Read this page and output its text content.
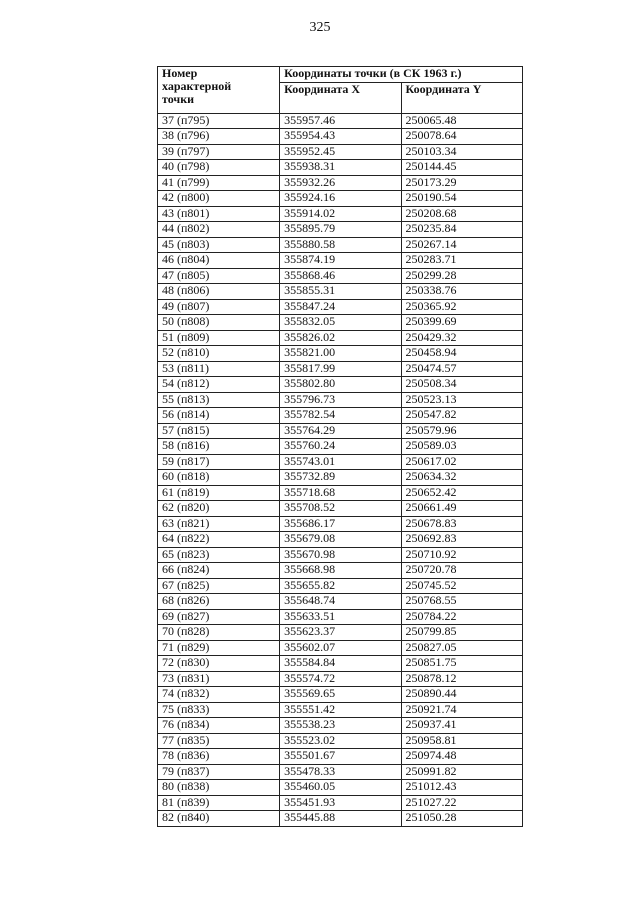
325
Номер
характерной
точки	Координаты точки (в СК 1963 г.)	
	Координата X	Координата Y
37 (п795)	355957.46	250065.48
38 (п796)	355954.43	250078.64
39 (п797)	355952.45	250103.34
40 (п798)	355938.31	250144.45
41 (п799)	355932.26	250173.29
42 (п800)	355924.16	250190.54
43 (п801)	355914.02	250208.68
44 (п802)	355895.79	250235.84
45 (п803)	355880.58	250267.14
46 (п804)	355874.19	250283.71
47 (п805)	355868.46	250299.28
48 (п806)	355855.31	250338.76
49 (п807)	355847.24	250365.92
50 (п808)	355832.05	250399.69
51 (п809)	355826.02	250429.32
52 (п810)	355821.00	250458.94
53 (п811)	355817.99	250474.57
54 (п812)	355802.80	250508.34
55 (п813)	355796.73	250523.13
56 (п814)	355782.54	250547.82
57 (п815)	355764.29	250579.96
58 (п816)	355760.24	250589.03
59 (п817)	355743.01	250617.02
60 (п818)	355732.89	250634.32
61 (п819)	355718.68	250652.42
62 (п820)	355708.52	250661.49
63 (п821)	355686.17	250678.83
64 (п822)	355679.08	250692.83
65 (п823)	355670.98	250710.92
66 (п824)	355668.98	250720.78
67 (п825)	355655.82	250745.52
68 (п826)	355648.74	250768.55
69 (п827)	355633.51	250784.22
70 (п828)	355623.37	250799.85
71 (п829)	355602.07	250827.05
72 (п830)	355584.84	250851.75
73 (п831)	355574.72	250878.12
74 (п832)	355569.65	250890.44
75 (п833)	355551.42	250921.74
76 (п834)	355538.23	250937.41
77 (п835)	355523.02	250958.81
78 (п836)	355501.67	250974.48
79 (п837)	355478.33	250991.82
80 (п838)	355460.05	251012.43
81 (п839)	355451.93	251027.22
82 (п840)	355445.88	251050.28
